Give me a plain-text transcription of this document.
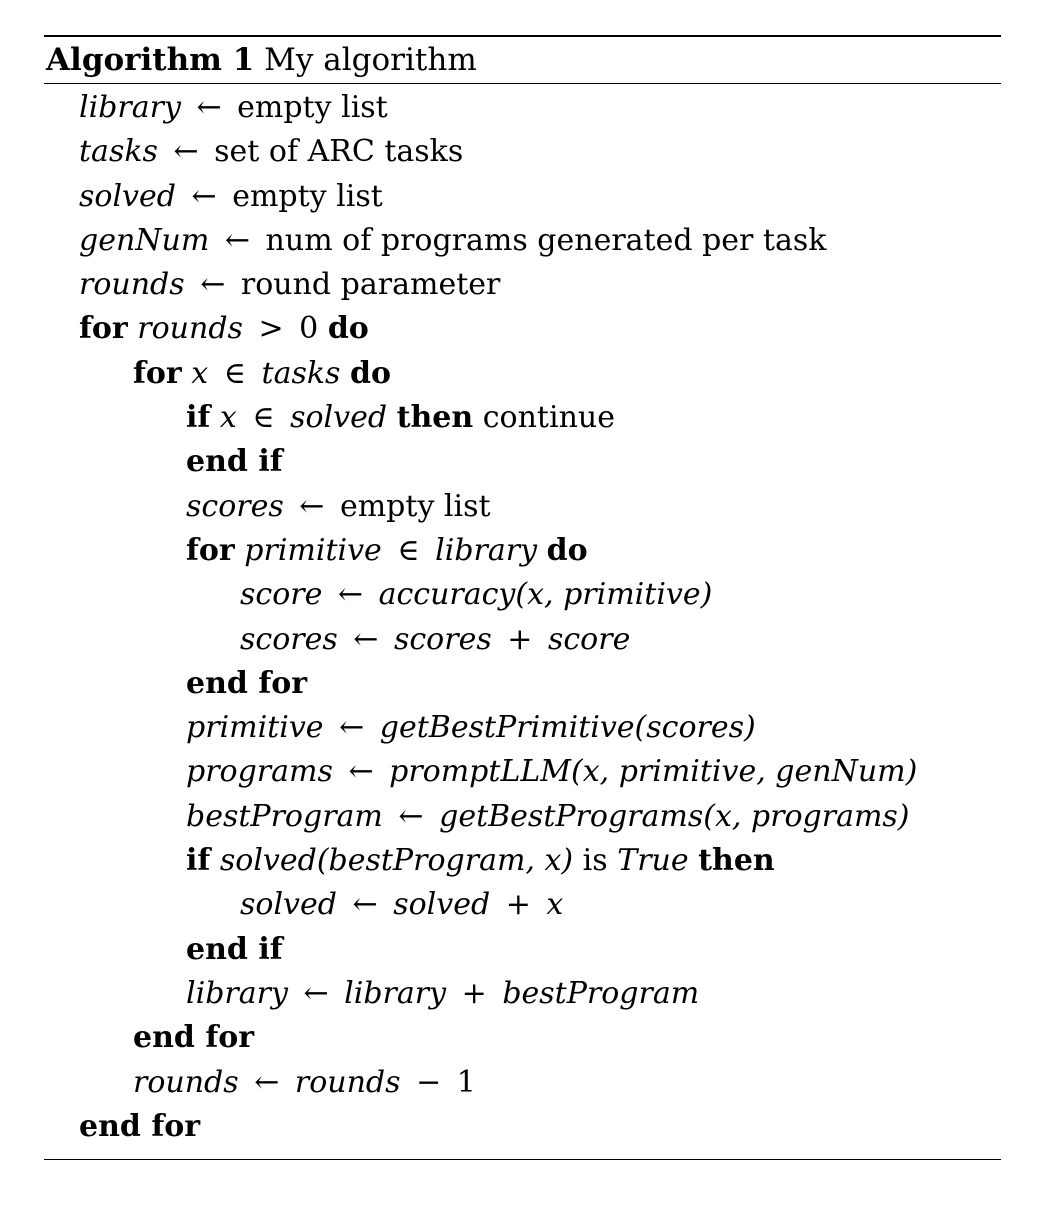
Algorithm 1 My algorithm
library ← empty list
tasks ← set of ARC tasks
solved ← empty list
genNum ← num of programs generated per task
rounds ← round parameter
for rounds > 0 do
for x ∈ tasks do
if x ∈ solved then continue
end if
scores ← empty list
for primitive ∈ library do
score ← accuracy(x, primitive)
scores ← scores + score
end for
primitive ← getBestPrimitive(scores)
programs ← promptLLM(x, primitive, genNum)
bestProgram ← getBestPrograms(x, programs)
if solved(bestProgram, x) is True then
solved ← solved + x
end if
library ← library + bestProgram
end for
rounds ← rounds − 1
end for
